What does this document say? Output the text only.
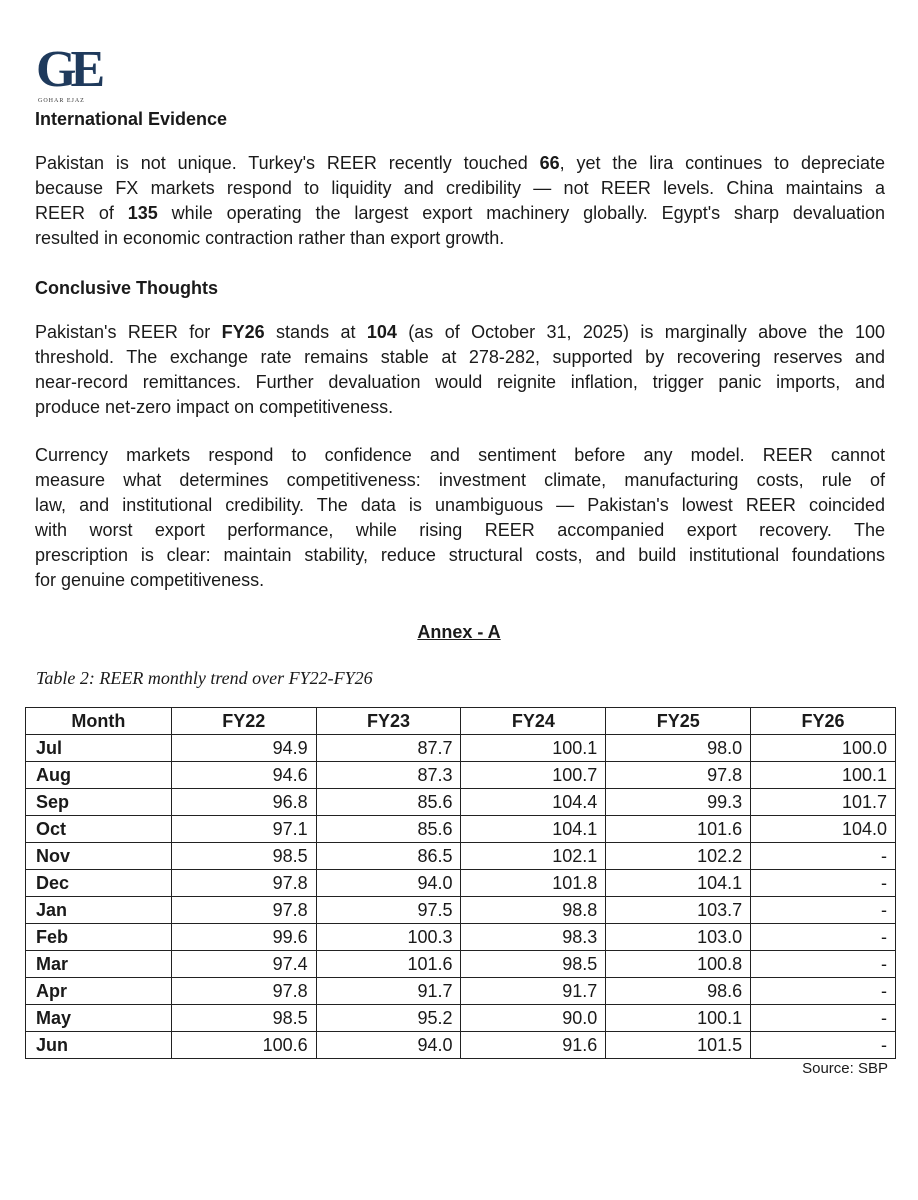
GE
GOHAR EJAZ
International Evidence
Pakistan is not unique. Turkey's REER recently touched 66, yet the lira continues to depreciate
because FX markets respond to liquidity and credibility — not REER levels. China maintains a
REER of 135 while operating the largest export machinery globally. Egypt's sharp devaluation
resulted in economic contraction rather than export growth.
Conclusive Thoughts
Pakistan's REER for FY26 stands at 104 (as of October 31, 2025) is marginally above the 100
threshold. The exchange rate remains stable at 278-282, supported by recovering reserves and
near-record remittances. Further devaluation would reignite inflation, trigger panic imports, and
produce net-zero impact on competitiveness.
Currency markets respond to confidence and sentiment before any model. REER cannot
measure what determines competitiveness: investment climate, manufacturing costs, rule of
law, and institutional credibility. The data is unambiguous — Pakistan's lowest REER coincided
with worst export performance, while rising REER accompanied export recovery. The
prescription is clear: maintain stability, reduce structural costs, and build institutional foundations
for genuine competitiveness.
Annex - A
Table 2: REER monthly trend over FY22-FY26
Month	FY22	FY23	FY24	FY25	FY26
Jul	94.9	87.7	100.1	98.0	100.0
Aug	94.6	87.3	100.7	97.8	100.1
Sep	96.8	85.6	104.4	99.3	101.7
Oct	97.1	85.6	104.1	101.6	104.0
Nov	98.5	86.5	102.1	102.2	-
Dec	97.8	94.0	101.8	104.1	-
Jan	97.8	97.5	98.8	103.7	-
Feb	99.6	100.3	98.3	103.0	-
Mar	97.4	101.6	98.5	100.8	-
Apr	97.8	91.7	91.7	98.6	-
May	98.5	95.2	90.0	100.1	-
Jun	100.6	94.0	91.6	101.5	-
Source: SBP
